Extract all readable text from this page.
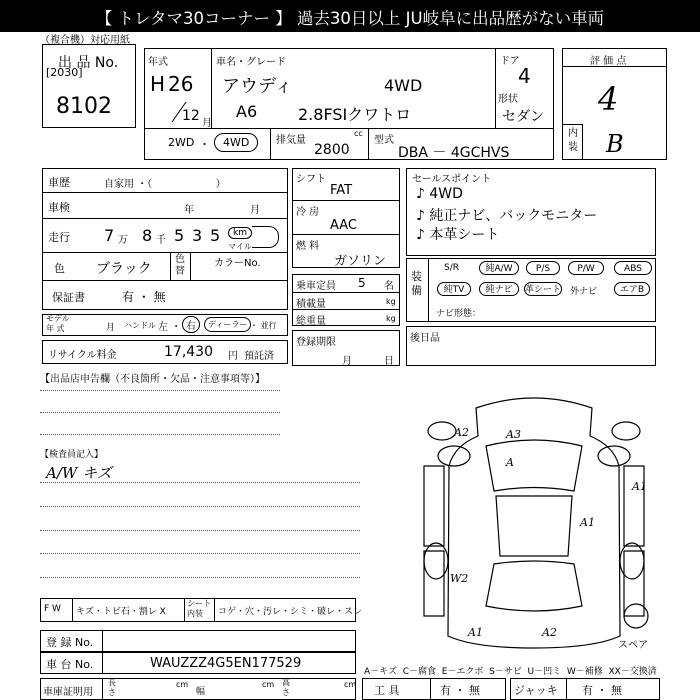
【 トレタマ30コーナー 】 過去30日以上 JU岐阜に出品歴がない車両
（複合機）対応用紙
出 品 No.
[2030]
8102
年式
H 26
12 月
車名・グレード
アウディ	4WD
A6	2.8FSIクワトロ
ドア
4
形状
セダン
2WD ・	4WD	排気量
cc
2800
型式
DBA － 4GCHVS
評 価 点
4
内
装 B
車歴	自家用 ・（                    ）
車検	年	月
走行 7 万 8 千 5 3 5	km
マイル
色 ブラック
色
替
カラーNo.
保証書	有 ・ 無
モデル
年 式	月 ハンドル 左 ・ 右	ディーラー ・ 並行
リサイクル料金	17,430 円 預託済
シフト
FAT
冷 房
AAC
燃 料
ガソリン
乗車定員 5 名
積載量	kg
総重量	kg
登録期限
月	日
セールスポイント
♪ 4WD
♪ 純正ナビ、バックモニター
♪ 本革シート
装
備
S/R	純A/W	P/S	P/W	ABS
純TV	純ナビ	革シート 外ナビ	エアB
ナビ形態：
後日品
【出品店申告欄（不良箇所・欠品・注意事項等）】
【検査員記入】
A/W キズ
A2	A3
A
A1
A1
W2
A1	A2
スペア
A－キズ  C－腐食  E－エクボ  S－サビ  U－凹ミ  W－補修  XX－交換済
F W キズ・トビ石・割レ X
シート
内装	コゲ・穴・汚レ・シミ・破レ・スレ
登 録 No.
車 台 No.	WAUZZZ4G5EN177529
車庫証明用
長
さ
cm
幅
cm 高
さ
cm 工 具	有 ・ 無	ジャッキ 有 ・ 無
